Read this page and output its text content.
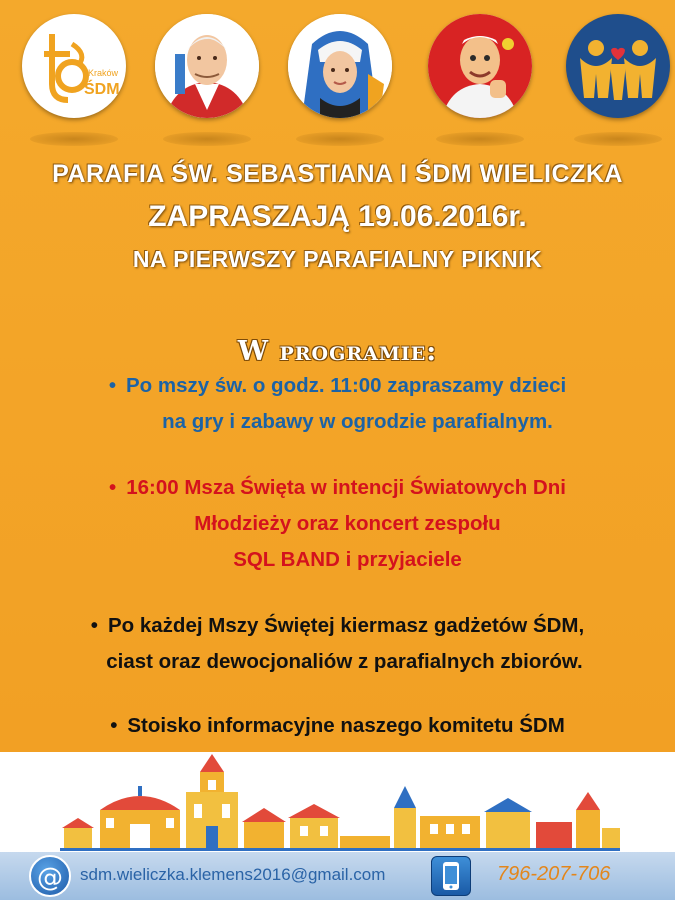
Kraków
ŚDM
PARAFIA ŚW. SEBASTIANA I ŚDM WIELICZKA
ZAPRASZAJĄ 19.06.2016r.
NA PIERWSZY PARAFIALNY PIKNIK
W programie:
• Po mszy św. o godz. 11:00 zapraszamy dzieci
na gry i zabawy w ogrodzie parafialnym.
• 16:00 Msza Święta w intencji Światowych Dni
Młodzieży oraz koncert zespołu
SQL BAND i przyjaciele
• Po każdej Mszy Świętej kiermasz gadżetów ŚDM,
ciast oraz dewocjonaliów z parafialnych zbiorów.
• Stoisko informacyjne naszego komitetu ŚDM
@	sdm.wieliczka.klemens2016@gmail.com	796-207-706
